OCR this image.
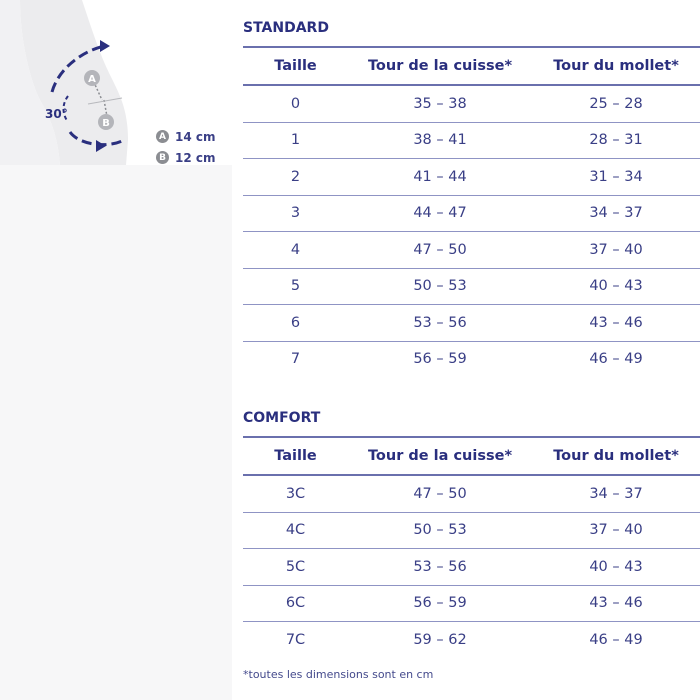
A
B
30°
A 14 cm
B 12 cm
STANDARD
Taille	Tour de la cuisse*	Tour du mollet*
0	35 – 38	25 – 28
1	38 – 41	28 – 31
2	41 – 44	31 – 34
3	44 – 47	34 – 37
4	47 – 50	37 – 40
5	50 – 53	40 – 43
6	53 – 56	43 – 46
7	56 – 59	46 – 49
COMFORT
Taille	Tour de la cuisse*	Tour du mollet*
3C	47 – 50	34 – 37
4C	50 – 53	37 – 40
5C	53 – 56	40 – 43
6C	56 – 59	43 – 46
7C	59 – 62	46 – 49
*toutes les dimensions sont en cm
